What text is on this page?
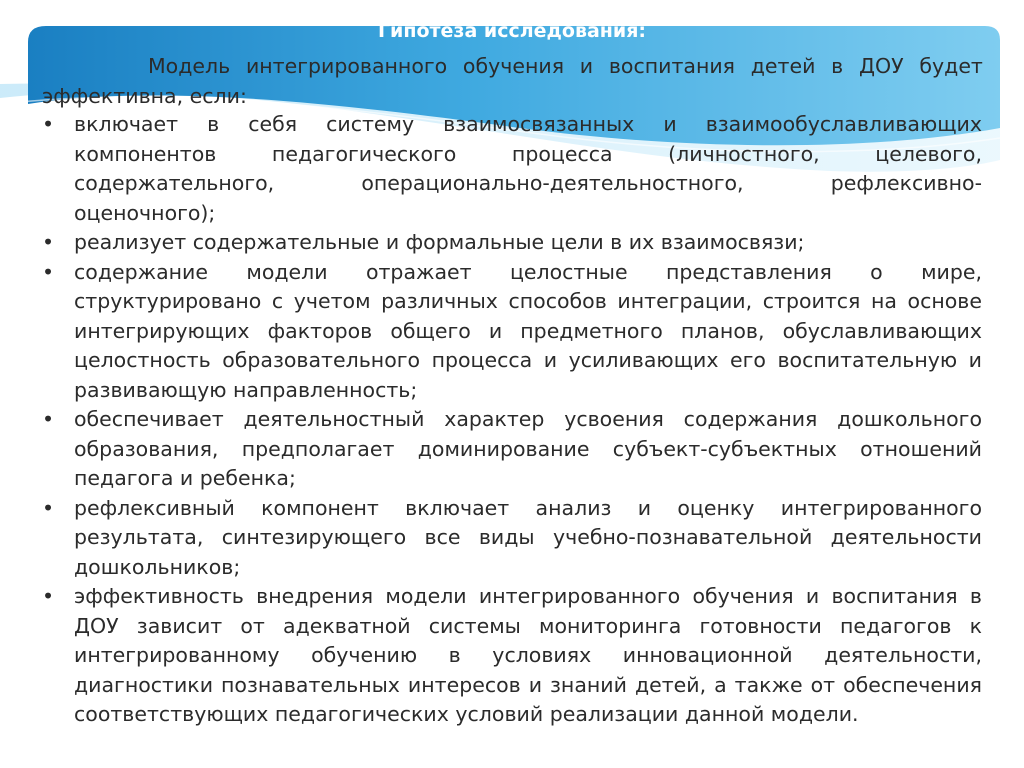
Гипотеза исследования:
Модель интегрированного обучения и воспитания детей в ДОУ будет
эффективна, если:
• включает в себя систему взаимосвязанных и взаимообуславливающих
компонентов педагогического процесса (личностного, целевого,
содержательного, операционально-деятельностного, рефлексивно-
оценочного);
• реализует содержательные и формальные цели в их взаимосвязи;
• содержание модели отражает целостные представления о мире,
структурировано с учетом различных способов интеграции, строится на основе
интегрирующих факторов общего и предметного планов, обуславливающих
целостность образовательного процесса и усиливающих его воспитательную и
развивающую направленность;
• обеспечивает деятельностный характер усвоения содержания дошкольного
образования, предполагает доминирование субъект-субъектных отношений
педагога и ребенка;
• рефлексивный компонент включает анализ и оценку интегрированного
результата, синтезирующего все виды учебно-познавательной деятельности
дошкольников;
• эффективность внедрения модели интегрированного обучения и воспитания в
ДОУ зависит от адекватной системы мониторинга готовности педагогов к
интегрированному обучению в условиях инновационной деятельности,
диагностики познавательных интересов и знаний детей, а также от обеспечения
соответствующих педагогических условий реализации данной модели.
